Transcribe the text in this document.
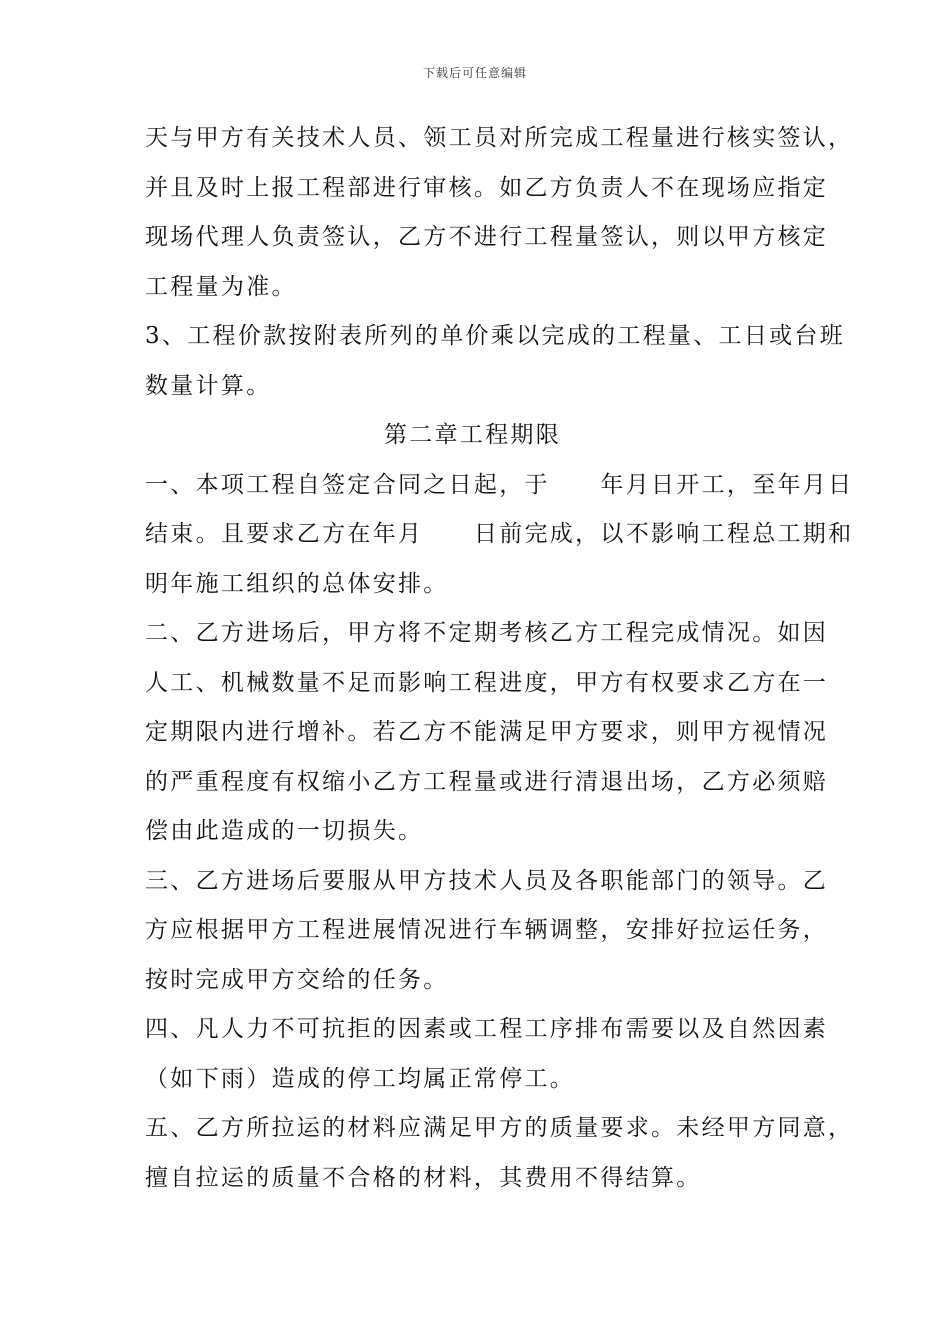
下载后可任意编辑
天与甲方有关技术人员、领工员对所完成工程量进行核实签认，
并且及时上报工程部进行审核。如乙方负责人不在现场应指定
现场代理人负责签认，乙方不进行工程量签认，则以甲方核定
工程量为准。
3、工程价款按附表所列的单价乘以完成的工程量、工日或台班
数量计算。
第二章工程期限
一、本项工程自签定合同之日起，于　　年月日开工，至年月日
结束。且要求乙方在年月　　日前完成，以不影响工程总工期和
明年施工组织的总体安排。
二、乙方进场后，甲方将不定期考核乙方工程完成情况。如因
人工、机械数量不足而影响工程进度，甲方有权要求乙方在一
定期限内进行增补。若乙方不能满足甲方要求，则甲方视情况
的严重程度有权缩小乙方工程量或进行清退出场，乙方必须赔
偿由此造成的一切损失。
三、乙方进场后要服从甲方技术人员及各职能部门的领导。乙
方应根据甲方工程进展情况进行车辆调整，安排好拉运任务，
按时完成甲方交给的任务。
四、凡人力不可抗拒的因素或工程工序排布需要以及自然因素
（如下雨）造成的停工均属正常停工。
五、乙方所拉运的材料应满足甲方的质量要求。未经甲方同意，
擅自拉运的质量不合格的材料，其费用不得结算。
